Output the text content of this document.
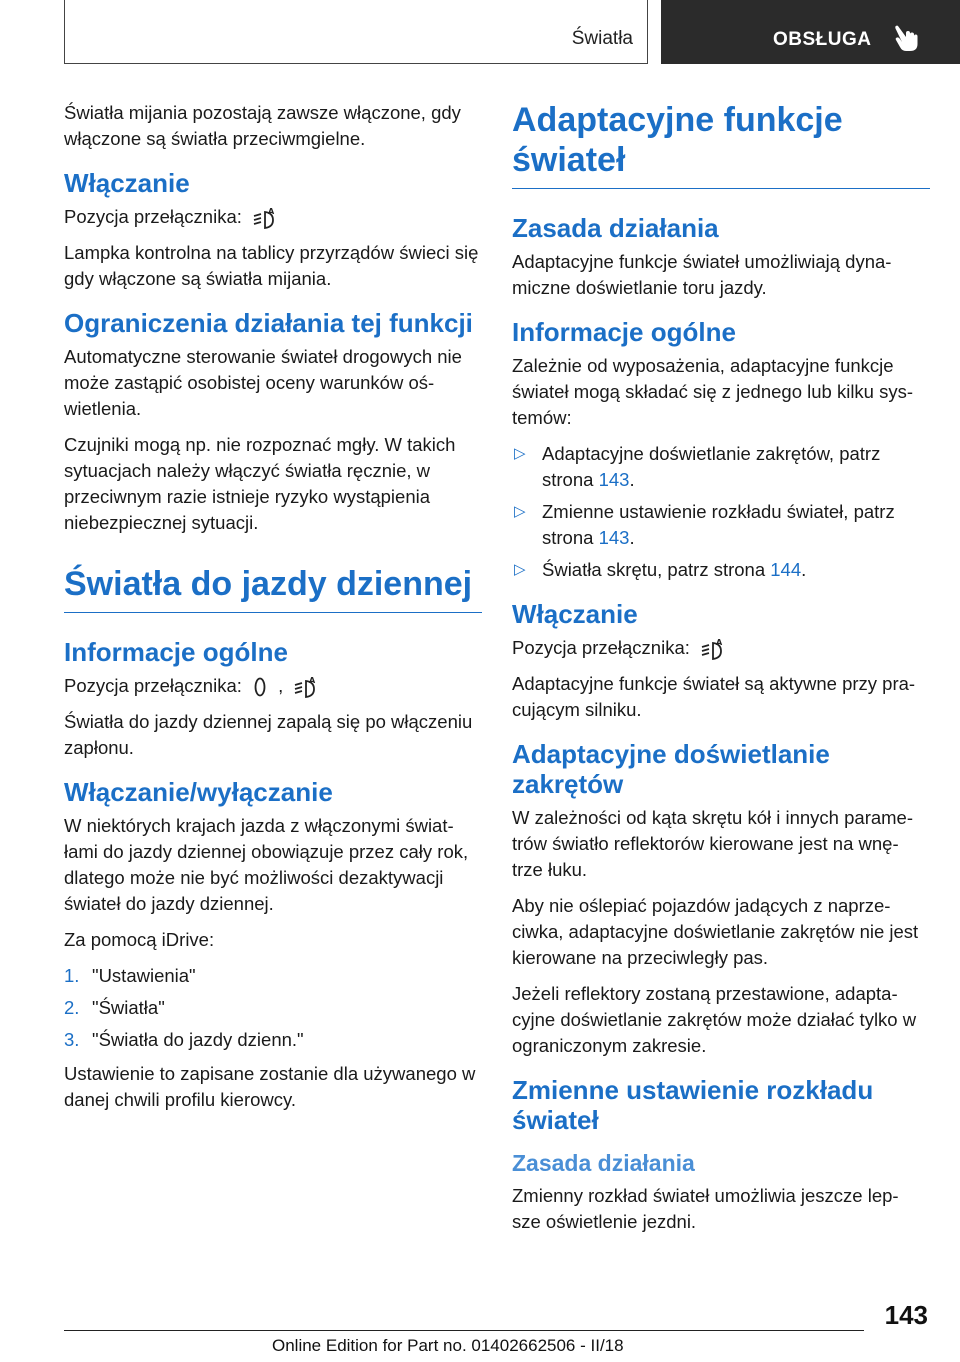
Światła	OBSŁUGA

Światła mijania pozostają zawsze włączone, gdy włączone są światła przeciwmgielne.

Włączanie

Pozycja przełącznika:	A

Lampka kontrolna na tablicy przyrządów świeci się gdy włączone są światła mijania.

Ograniczenia działania tej funkcji

Automatyczne sterowanie świateł drogowych nie może zastąpić osobistej oceny warunków oś- wietlenia.

Czujniki mogą np. nie rozpoznać mgły. W takich sytuacjach należy włączyć światła ręcznie, w przeciwnym razie istnieje ryzyko wystąpienia niebezpiecznej sytuacji.

Światła do jazdy dziennej
Informacje ogólne

Pozycja przełącznika: ,	A

Światła do jazdy dziennej zapalą się po włączeniu zapłonu.

Włączanie/wyłączanie

W niektórych krajach jazda z włączonymi świat- łami do jazdy dziennej obowiązuje przez cały rok, dlatego może nie być możliwości dezaktywacji świateł do jazdy dziennej.

Za pomocą iDrive:

1. "Ustawienia"
2. "Światła"
3. "Światła do jazdy dzienn."

Ustawienie to zapisane zostanie dla używanego w danej chwili profilu kierowcy.

Adaptacyjne funkcje świateł
Zasada działania

Adaptacyjne funkcje świateł umożliwiają dyna- miczne doświetlanie toru jazdy.

Informacje ogólne

Zależnie od wyposażenia, adaptacyjne funkcje świateł mogą składać się z jednego lub kilku sys- temów:

▷ Adaptacyjne doświetlanie zakrętów, patrz strona 143.
▷ Zmienne ustawienie rozkładu świateł, patrz strona 143.
▷ Światła skrętu, patrz strona 144.
Włączanie

Pozycja przełącznika:	A

Adaptacyjne funkcje świateł są aktywne przy pra- cującym silniku.

Adaptacyjne doświetlanie zakrętów

W zależności od kąta skrętu kół i innych parame- trów światło reflektorów kierowane jest na wnę- trze łuku.

Aby nie oślepiać pojazdów jadących z naprze- ciwka, adaptacyjne doświetlanie zakrętów nie jest kierowane na przeciwległy pas.

Jeżeli reflektory zostaną przestawione, adapta- cyjne doświetlanie zakrętów może działać tylko w ograniczonym zakresie.

Zmienne ustawienie rozkładu świateł
Zasada działania

Zmienny rozkład świateł umożliwia jeszcze lep- sze oświetlenie jezdni.

143
Online Edition for Part no. 01402662506 - II/18
